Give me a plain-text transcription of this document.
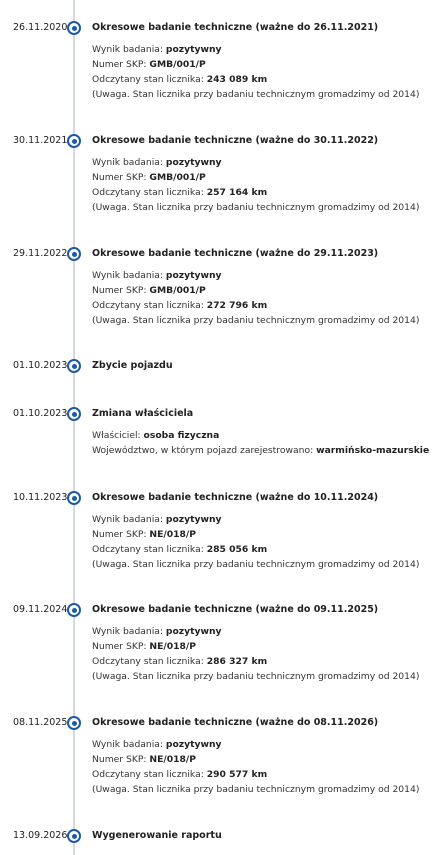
26.11.2020	Okresowe badanie techniczne (ważne do 26.11.2021)
Wynik badania: pozytywny
Numer SKP: GMB/001/P
Odczytany stan licznika: 243 089 km
(Uwaga. Stan licznika przy badaniu technicznym gromadzimy od 2014)
30.11.2021	Okresowe badanie techniczne (ważne do 30.11.2022)
Wynik badania: pozytywny
Numer SKP: GMB/001/P
Odczytany stan licznika: 257 164 km
(Uwaga. Stan licznika przy badaniu technicznym gromadzimy od 2014)
29.11.2022	Okresowe badanie techniczne (ważne do 29.11.2023)
Wynik badania: pozytywny
Numer SKP: GMB/001/P
Odczytany stan licznika: 272 796 km
(Uwaga. Stan licznika przy badaniu technicznym gromadzimy od 2014)
01.10.2023	Zbycie pojazdu
01.10.2023	Zmiana właściciela
Właściciel: osoba fizyczna
Województwo, w którym pojazd zarejestrowano: warmińsko-mazurskie
10.11.2023	Okresowe badanie techniczne (ważne do 10.11.2024)
Wynik badania: pozytywny
Numer SKP: NE/018/P
Odczytany stan licznika: 285 056 km
(Uwaga. Stan licznika przy badaniu technicznym gromadzimy od 2014)
09.11.2024	Okresowe badanie techniczne (ważne do 09.11.2025)
Wynik badania: pozytywny
Numer SKP: NE/018/P
Odczytany stan licznika: 286 327 km
(Uwaga. Stan licznika przy badaniu technicznym gromadzimy od 2014)
08.11.2025	Okresowe badanie techniczne (ważne do 08.11.2026)
Wynik badania: pozytywny
Numer SKP: NE/018/P
Odczytany stan licznika: 290 577 km
(Uwaga. Stan licznika przy badaniu technicznym gromadzimy od 2014)
13.09.2026	Wygenerowanie raportu
